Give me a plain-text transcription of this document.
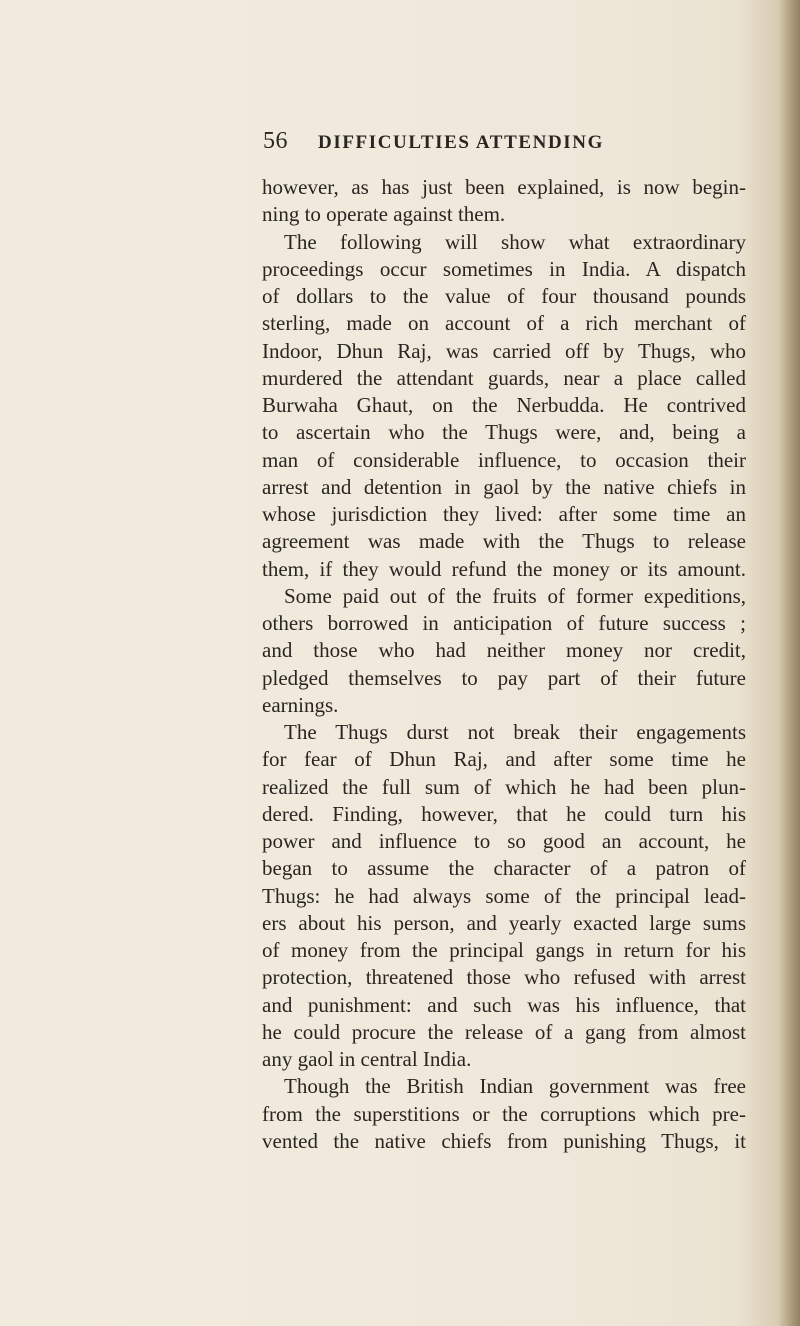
56 DIFFICULTIES ATTENDING
however, as has just been explained, is now begin-
ning to operate against them.
The following will show what extraordinary
proceedings occur sometimes in India. A dispatch
of dollars to the value of four thousand pounds
sterling, made on account of a rich merchant of
Indoor, Dhun Raj, was carried off by Thugs, who
murdered the attendant guards, near a place called
Burwaha Ghaut, on the Nerbudda. He contrived
to ascertain who the Thugs were, and, being a
man of considerable influence, to occasion their
arrest and detention in gaol by the native chiefs in
whose jurisdiction they lived: after some time an
agreement was made with the Thugs to release
them, if they would refund the money or its amount.
Some paid out of the fruits of former expeditions,
others borrowed in anticipation of future success ;
and those who had neither money nor credit,
pledged themselves to pay part of their future
earnings.
The Thugs durst not break their engagements
for fear of Dhun Raj, and after some time he
realized the full sum of which he had been plun-
dered. Finding, however, that he could turn his
power and influence to so good an account, he
began to assume the character of a patron of
Thugs: he had always some of the principal lead-
ers about his person, and yearly exacted large sums
of money from the principal gangs in return for his
protection, threatened those who refused with arrest
and punishment: and such was his influence, that
he could procure the release of a gang from almost
any gaol in central India.
Though the British Indian government was free
from the superstitions or the corruptions which pre-
vented the native chiefs from punishing Thugs, it
